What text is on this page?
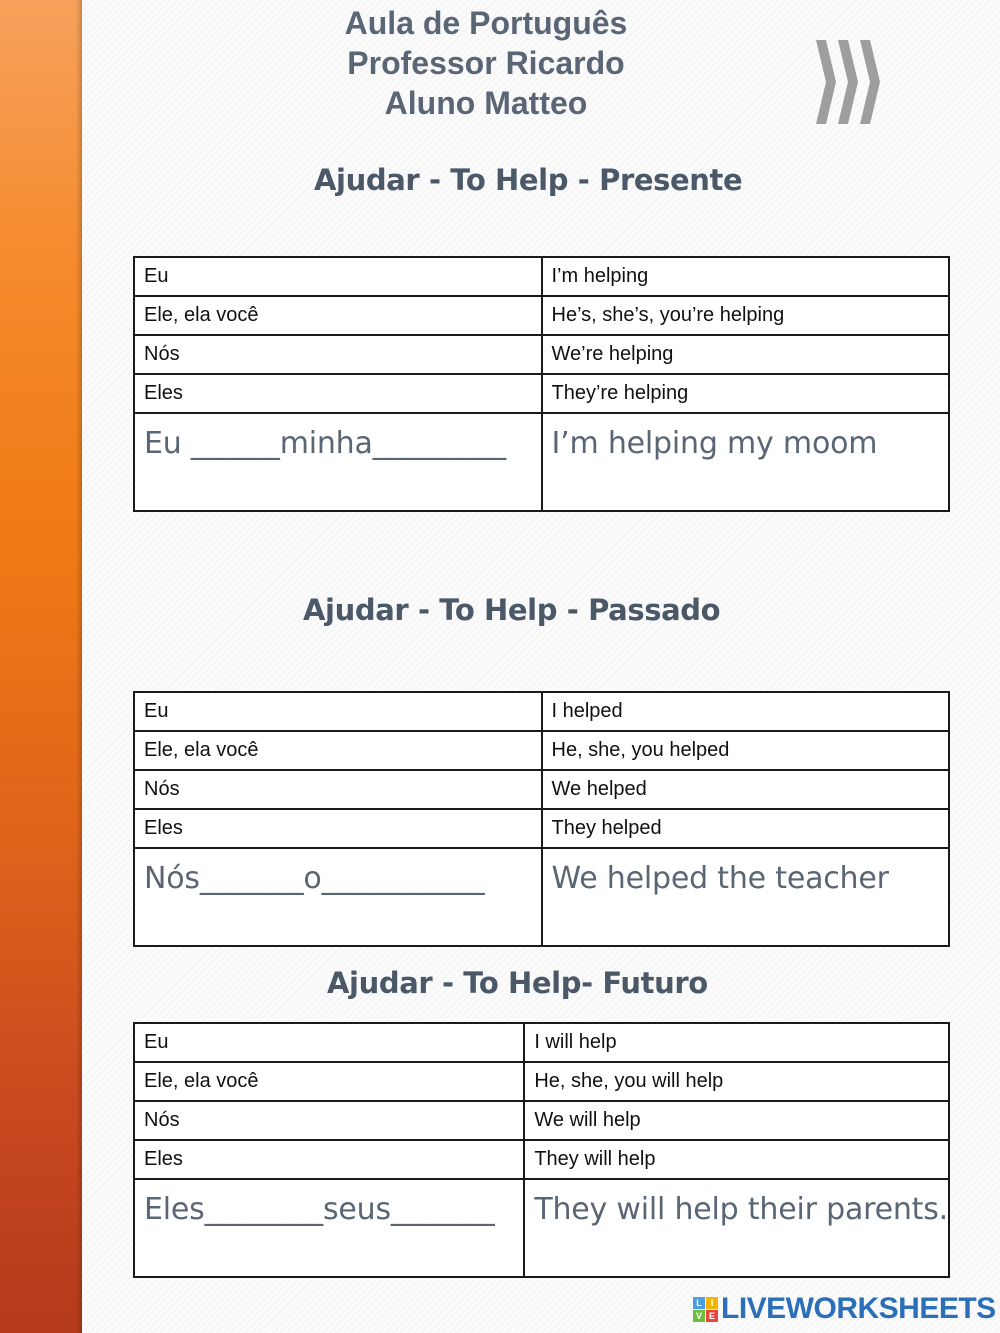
Aula de Português
Professor Ricardo
Aluno Matteo
Ajudar - To Help - Presente
Eu	I’m helping
Ele, ela você	He’s, she’s, you’re helping
Nós	We’re helping
Eles	They’re helping
Eu ______minha_________	I’m helping my moom
Ajudar - To Help - Passado
Eu	I helped
Ele, ela você	He, she, you helped
Nós	We helped
Eles	They helped
Nós_______o___________	We helped the teacher
Ajudar - To Help- Futuro
Eu	I will help
Ele, ela você	He, she, you will help
Nós	We will help
Eles	They will help
Eles________seus_______	They will help their parents.
L I
V E LIVEWORKSHEETS
